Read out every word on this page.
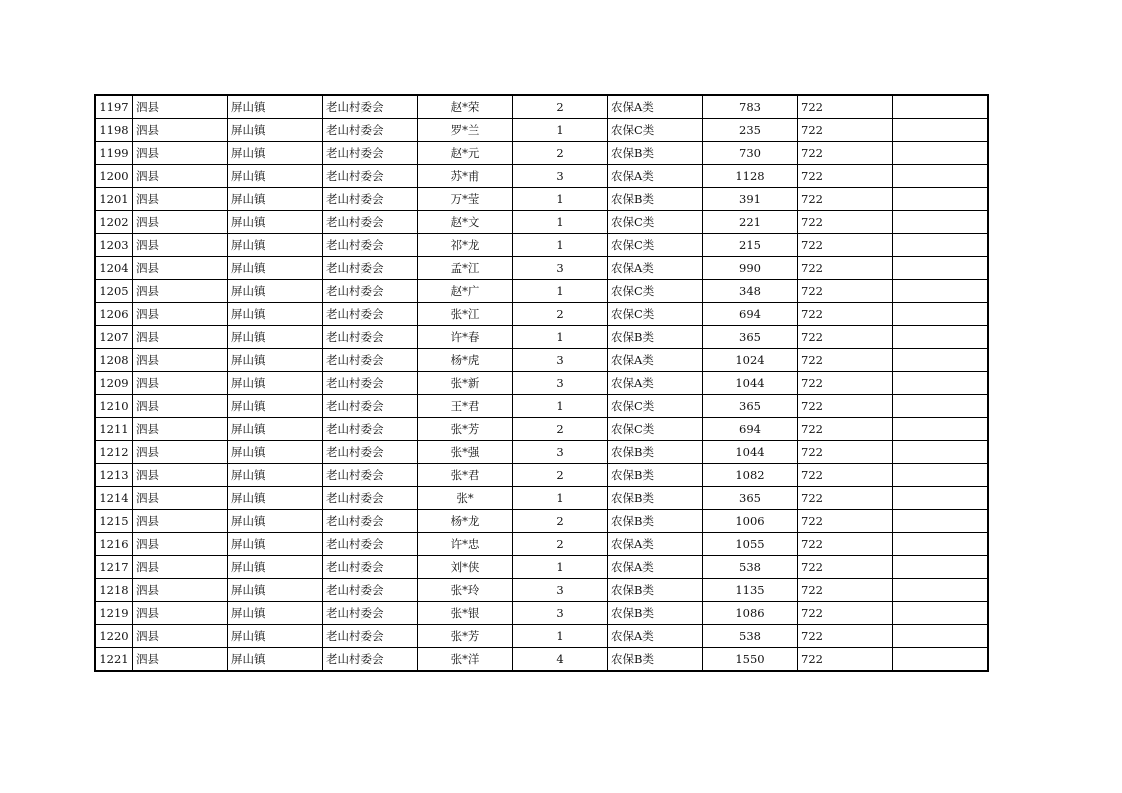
1197	泗县	屏山镇	老山村委会	赵*荣	2	农保A类	783	722	
1198	泗县	屏山镇	老山村委会	罗*兰	1	农保C类	235	722	
1199	泗县	屏山镇	老山村委会	赵*元	2	农保B类	730	722	
1200	泗县	屏山镇	老山村委会	苏*甫	3	农保A类	1128	722	
1201	泗县	屏山镇	老山村委会	万*莹	1	农保B类	391	722	
1202	泗县	屏山镇	老山村委会	赵*文	1	农保C类	221	722	
1203	泗县	屏山镇	老山村委会	祁*龙	1	农保C类	215	722	
1204	泗县	屏山镇	老山村委会	孟*江	3	农保A类	990	722	
1205	泗县	屏山镇	老山村委会	赵*广	1	农保C类	348	722	
1206	泗县	屏山镇	老山村委会	张*江	2	农保C类	694	722	
1207	泗县	屏山镇	老山村委会	许*春	1	农保B类	365	722	
1208	泗县	屏山镇	老山村委会	杨*虎	3	农保A类	1024	722	
1209	泗县	屏山镇	老山村委会	张*新	3	农保A类	1044	722	
1210	泗县	屏山镇	老山村委会	王*君	1	农保C类	365	722	
1211	泗县	屏山镇	老山村委会	张*芳	2	农保C类	694	722	
1212	泗县	屏山镇	老山村委会	张*强	3	农保B类	1044	722	
1213	泗县	屏山镇	老山村委会	张*君	2	农保B类	1082	722	
1214	泗县	屏山镇	老山村委会	张*	1	农保B类	365	722	
1215	泗县	屏山镇	老山村委会	杨*龙	2	农保B类	1006	722	
1216	泗县	屏山镇	老山村委会	许*忠	2	农保A类	1055	722	
1217	泗县	屏山镇	老山村委会	刘*侠	1	农保A类	538	722	
1218	泗县	屏山镇	老山村委会	张*玲	3	农保B类	1135	722	
1219	泗县	屏山镇	老山村委会	张*银	3	农保B类	1086	722	
1220	泗县	屏山镇	老山村委会	张*芳	1	农保A类	538	722	
1221	泗县	屏山镇	老山村委会	张*洋	4	农保B类	1550	722	
